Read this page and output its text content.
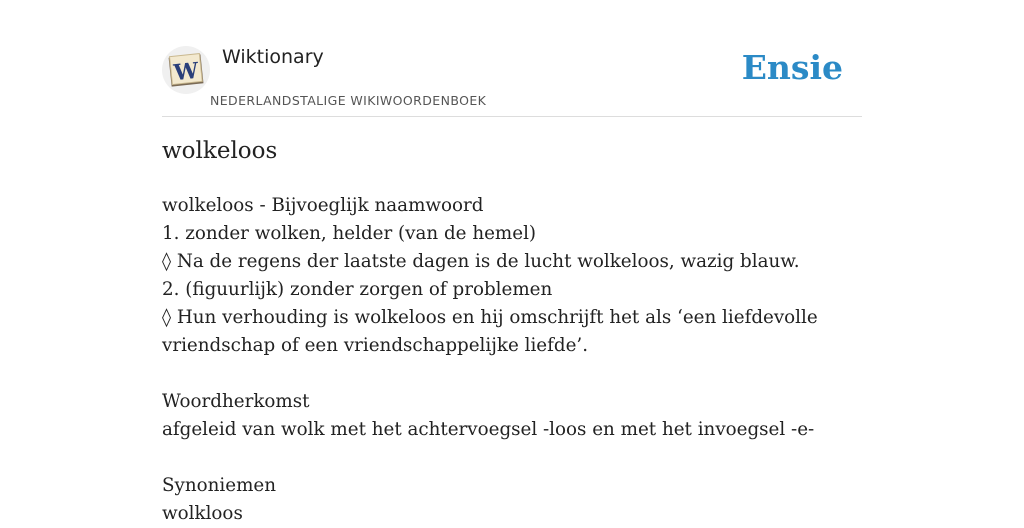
W
Wiktionary
NEDERLANDSTALIGE WIKIWOORDENBOEK
Ensie
wolkeloos
wolkeloos - Bijvoeglijk naamwoord
1. zonder wolken, helder (van de hemel)
◊ Na de regens der laatste dagen is de lucht wolkeloos, wazig blauw.
2. (figuurlijk) zonder zorgen of problemen
◊ Hun verhouding is wolkeloos en hij omschrijft het als ‘een liefdevolle
vriendschap of een vriendschappelijke liefde’.
Woordherkomst
afgeleid van wolk met het achtervoegsel -loos en met het invoegsel -e-
Synoniemen
wolkloos
